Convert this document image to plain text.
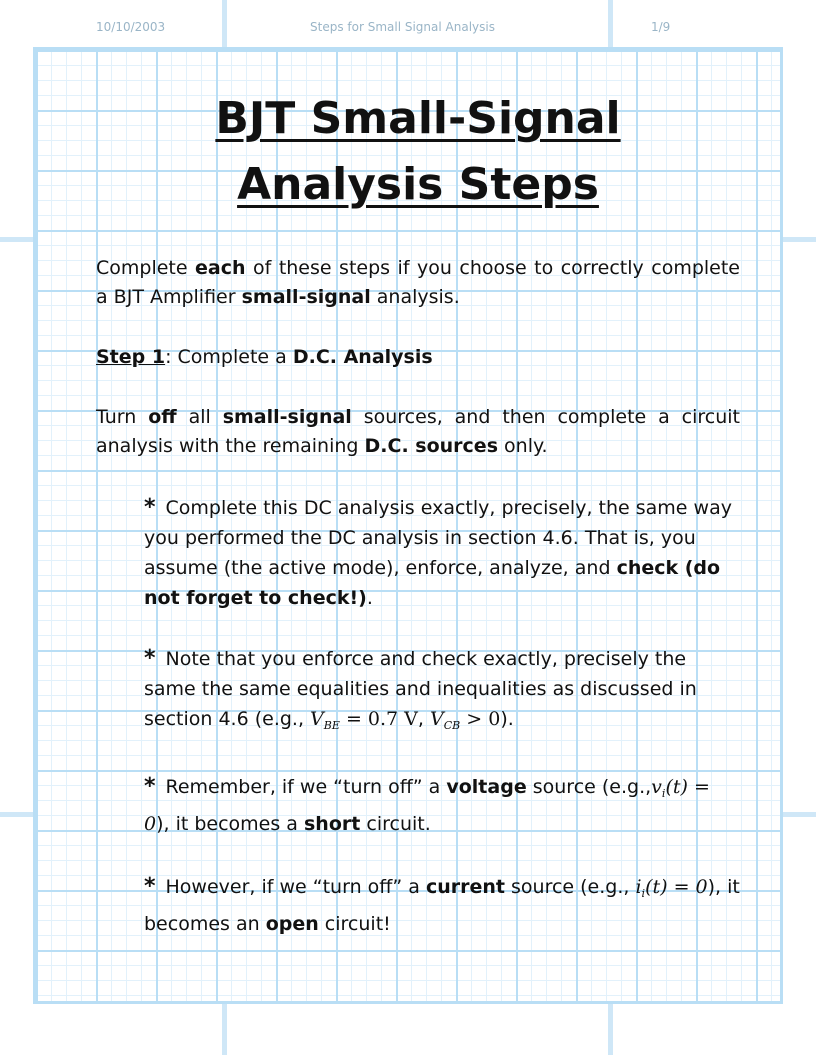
10/10/2003	Steps for Small Signal Analysis	1/9
BJT Small-Signal
Analysis Steps

Complete each of these steps if you choose to correctly complete a BJT Amplifier small-signal analysis.

Step 1: Complete a D.C. Analysis

Turn off all small-signal sources, and then complete a circuit analysis with the remaining D.C. sources only.

* Complete this DC analysis exactly, precisely, the same way you performed the DC analysis in section 4.6. That is, you assume (the active mode), enforce, analyze, and check (do not forget to check!).

* Note that you enforce and check exactly, precisely the same the same equalities and inequalities as discussed in section 4.6 (e.g., $V_{BE} = 0.7$ V, $V_{CB} > 0$).

* Remember, if we “turn off” a voltage source $(e.g.,v_i(t) = 0)$, it becomes a short circuit.

* However, if we “turn off” a current source (e.g., $i_i(t) = 0$), it becomes an open circuit!
